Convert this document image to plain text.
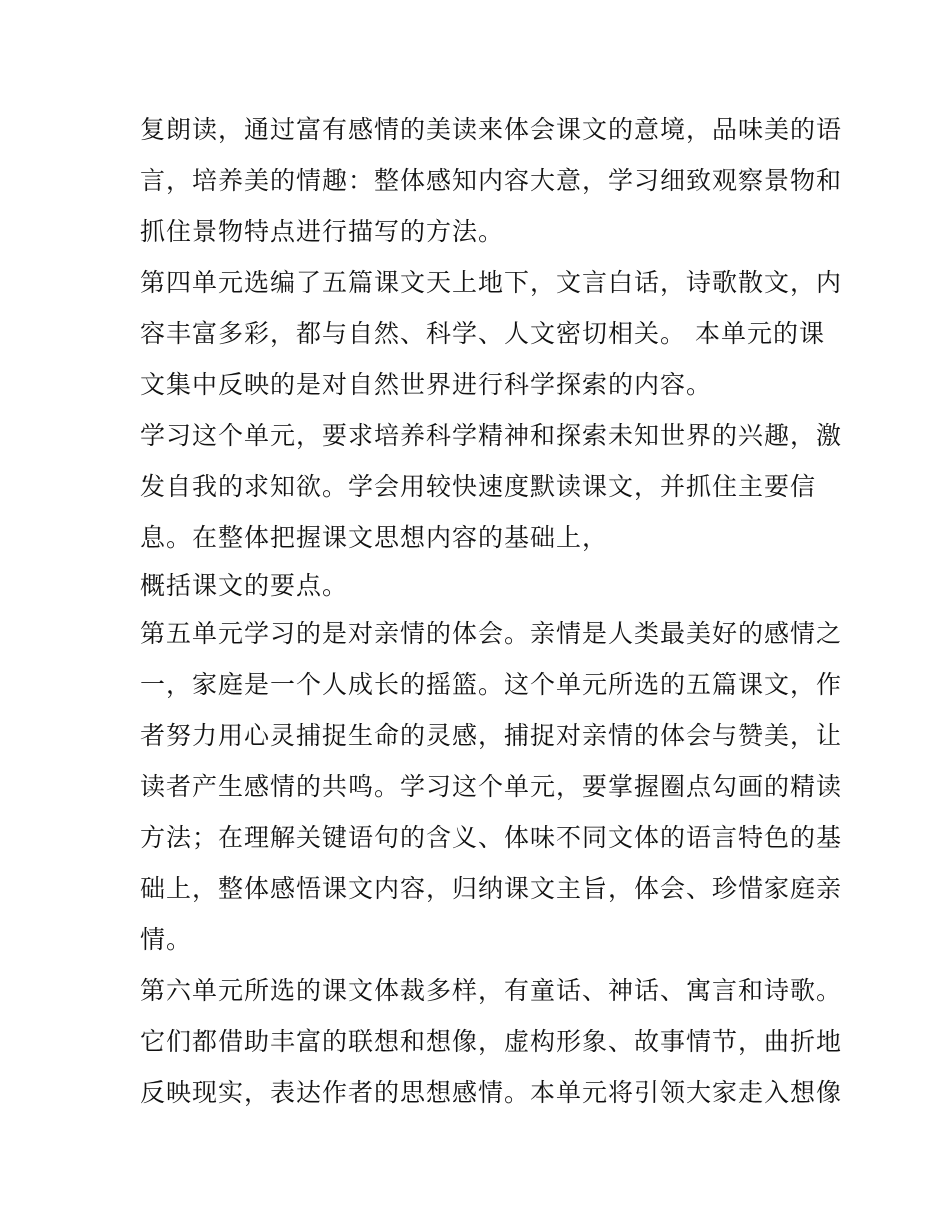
复朗读，通过富有感情的美读来体会课文的意境，品味美的语
言，培养美的情趣：整体感知内容大意，学习细致观察景物和
抓住景物特点进行描写的方法。
第四单元选编了五篇课文天上地下，文言白话，诗歌散文，内
容丰富多彩，都与自然、科学、人文密切相关。 本单元的课
文集中反映的是对自然世界进行科学探索的内容。
学习这个单元，要求培养科学精神和探索未知世界的兴趣，激
发自我的求知欲。学会用较快速度默读课文，并抓住主要信
息。在整体把握课文思想内容的基础上，
概括课文的要点。
第五单元学习的是对亲情的体会。亲情是人类最美好的感情之
一，家庭是一个人成长的摇篮。这个单元所选的五篇课文，作
者努力用心灵捕捉生命的灵感，捕捉对亲情的体会与赞美，让
读者产生感情的共鸣。学习这个单元，要掌握圈点勾画的精读
方法；在理解关键语句的含义、体味不同文体的语言特色的基
础上，整体感悟课文内容，归纳课文主旨，体会、珍惜家庭亲
情。
第六单元所选的课文体裁多样，有童话、神话、寓言和诗歌。
它们都借助丰富的联想和想像，虚构形象、故事情节，曲折地
反映现实，表达作者的思想感情。本单元将引领大家走入想像
